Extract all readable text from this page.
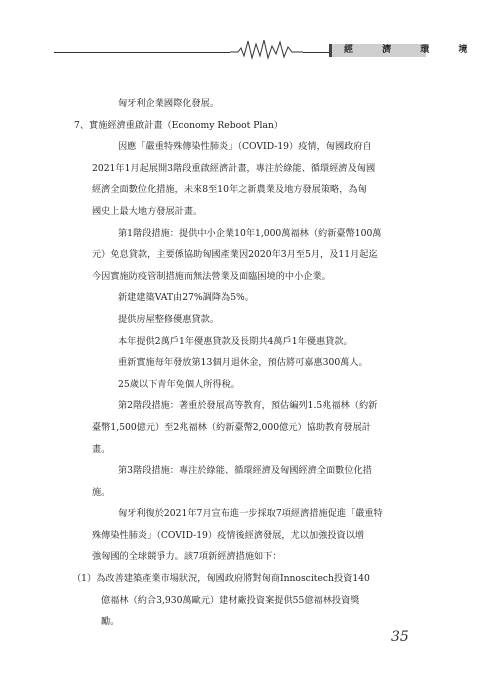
經 濟 環 境
匈牙利企業國際化發展。
7、實施經濟重啟計畫（Economy Reboot Plan）
因應「嚴重特殊傳染性肺炎」（COVID-19）疫情，匈國政府自
2021年1月起展開3階段重啟經濟計畫，專注於綠能、循環經濟及匈國
經濟全面數位化措施，未來8至10年之新農業及地方發展策略，為匈
國史上最大地方發展計畫。
第1階段措施：提供中小企業10年1,000萬福林（約新臺幣100萬
元）免息貸款，主要係協助匈國產業因2020年3月至5月，及11月起迄
今因實施防疫管制措施而無法營業及面臨困境的中小企業。
新建建築VAT由27%調降為5%。
提供房屋整修優惠貸款。
本年提供2萬戶1年優惠貸款及長期共4萬戶1年優惠貸款。
重新實施每年發放第13個月退休金，預估將可嘉惠300萬人。
25歲以下青年免個人所得稅。
第2階段措施：著重於發展高等教育，預估編列1.5兆福林（約新
臺幣1,500億元）至2兆福林（約新臺幣2,000億元）協助教育發展計
畫。
第3階段措施：專注於綠能、循環經濟及匈國經濟全面數位化措
施。
匈牙利復於2021年7月宣布進一步採取7項經濟措施促進「嚴重特
殊傳染性肺炎」（COVID-19）疫情後經濟發展，尤以加強投資以增
強匈國的全球競爭力。該7項新經濟措施如下：
（1）為改善建築產業市場狀況，匈國政府將對匈商Innoscitech投資140
億福林（約合3,930萬歐元）建材廠投資案提供55億福林投資獎
勵。
35
